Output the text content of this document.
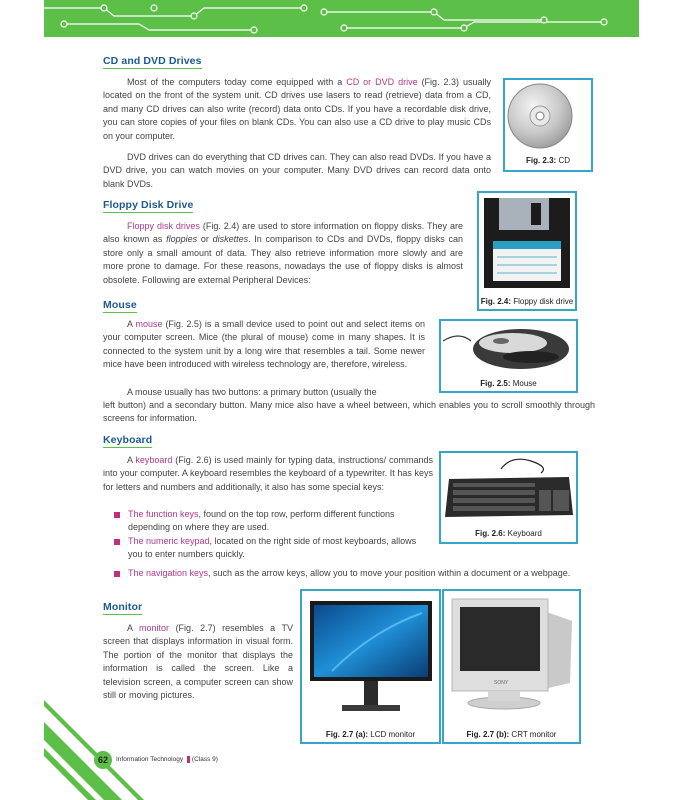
CD and DVD Drives
Most of the computers today come equipped with a CD or DVD drive (Fig. 2.3) usually located on the front of the system unit. CD drives use lasers to read (retrieve) data from a CD, and many CD drives can also write (record) data onto CDs. If you have a recordable disk drive, you can store copies of your files on blank CDs. You can also use a CD drive to play music CDs on your computer.
DVD drives can do everything that CD drives can. They can also read DVDs. If you have a DVD drive, you can watch movies on your computer. Many DVD drives can record data onto blank DVDs.
Fig. 2.3: CD
Floppy Disk Drive
Floppy disk drives (Fig. 2.4) are used to store information on floppy disks. They are also known as floppies or diskettes. In comparison to CDs and DVDs, floppy disks can store only a small amount of data. They also retrieve information more slowly and are more prone to damage. For these reasons, nowadays the use of floppy disks is almost obsolete. Following are external Peripheral Devices:
Fig. 2.4: Floppy disk drive
Mouse
A mouse (Fig. 2.5) is a small device used to point out and select items on your computer screen. Mice (the plural of mouse) come in many shapes. It is connected to the system unit by a long wire that resembles a tail. Some newer mice have been introduced with wireless technology are, therefore, wireless.
A mouse usually has two buttons: a primary button (usually the
left button) and a secondary button. Many mice also have a wheel between, which enables you to scroll smoothly through screens for information.
Fig. 2.5: Mouse
Keyboard
A keyboard (Fig. 2.6) is used mainly for typing data, instructions/ commands into your computer. A keyboard resembles the keyboard of a typewriter. It has keys for letters and numbers and additionally, it also has some special keys:
The function keys, found on the top row, perform different functions depending on where they are used.
The numeric keypad, located on the right side of most keyboards, allows you to enter numbers quickly.
The navigation keys, such as the arrow keys, allow you to move your position within a document or a webpage.
Fig. 2.6: Keyboard
Monitor
A monitor (Fig. 2.7) resembles a TV screen that displays information in visual form. The portion of the monitor that displays the information is called the screen. Like a television screen, a computer screen can show still or moving pictures.
Fig. 2.7 (a): LCD monitor
SONY
Fig. 2.7 (b): CRT monitor
62	Information Technology (Class 9)
